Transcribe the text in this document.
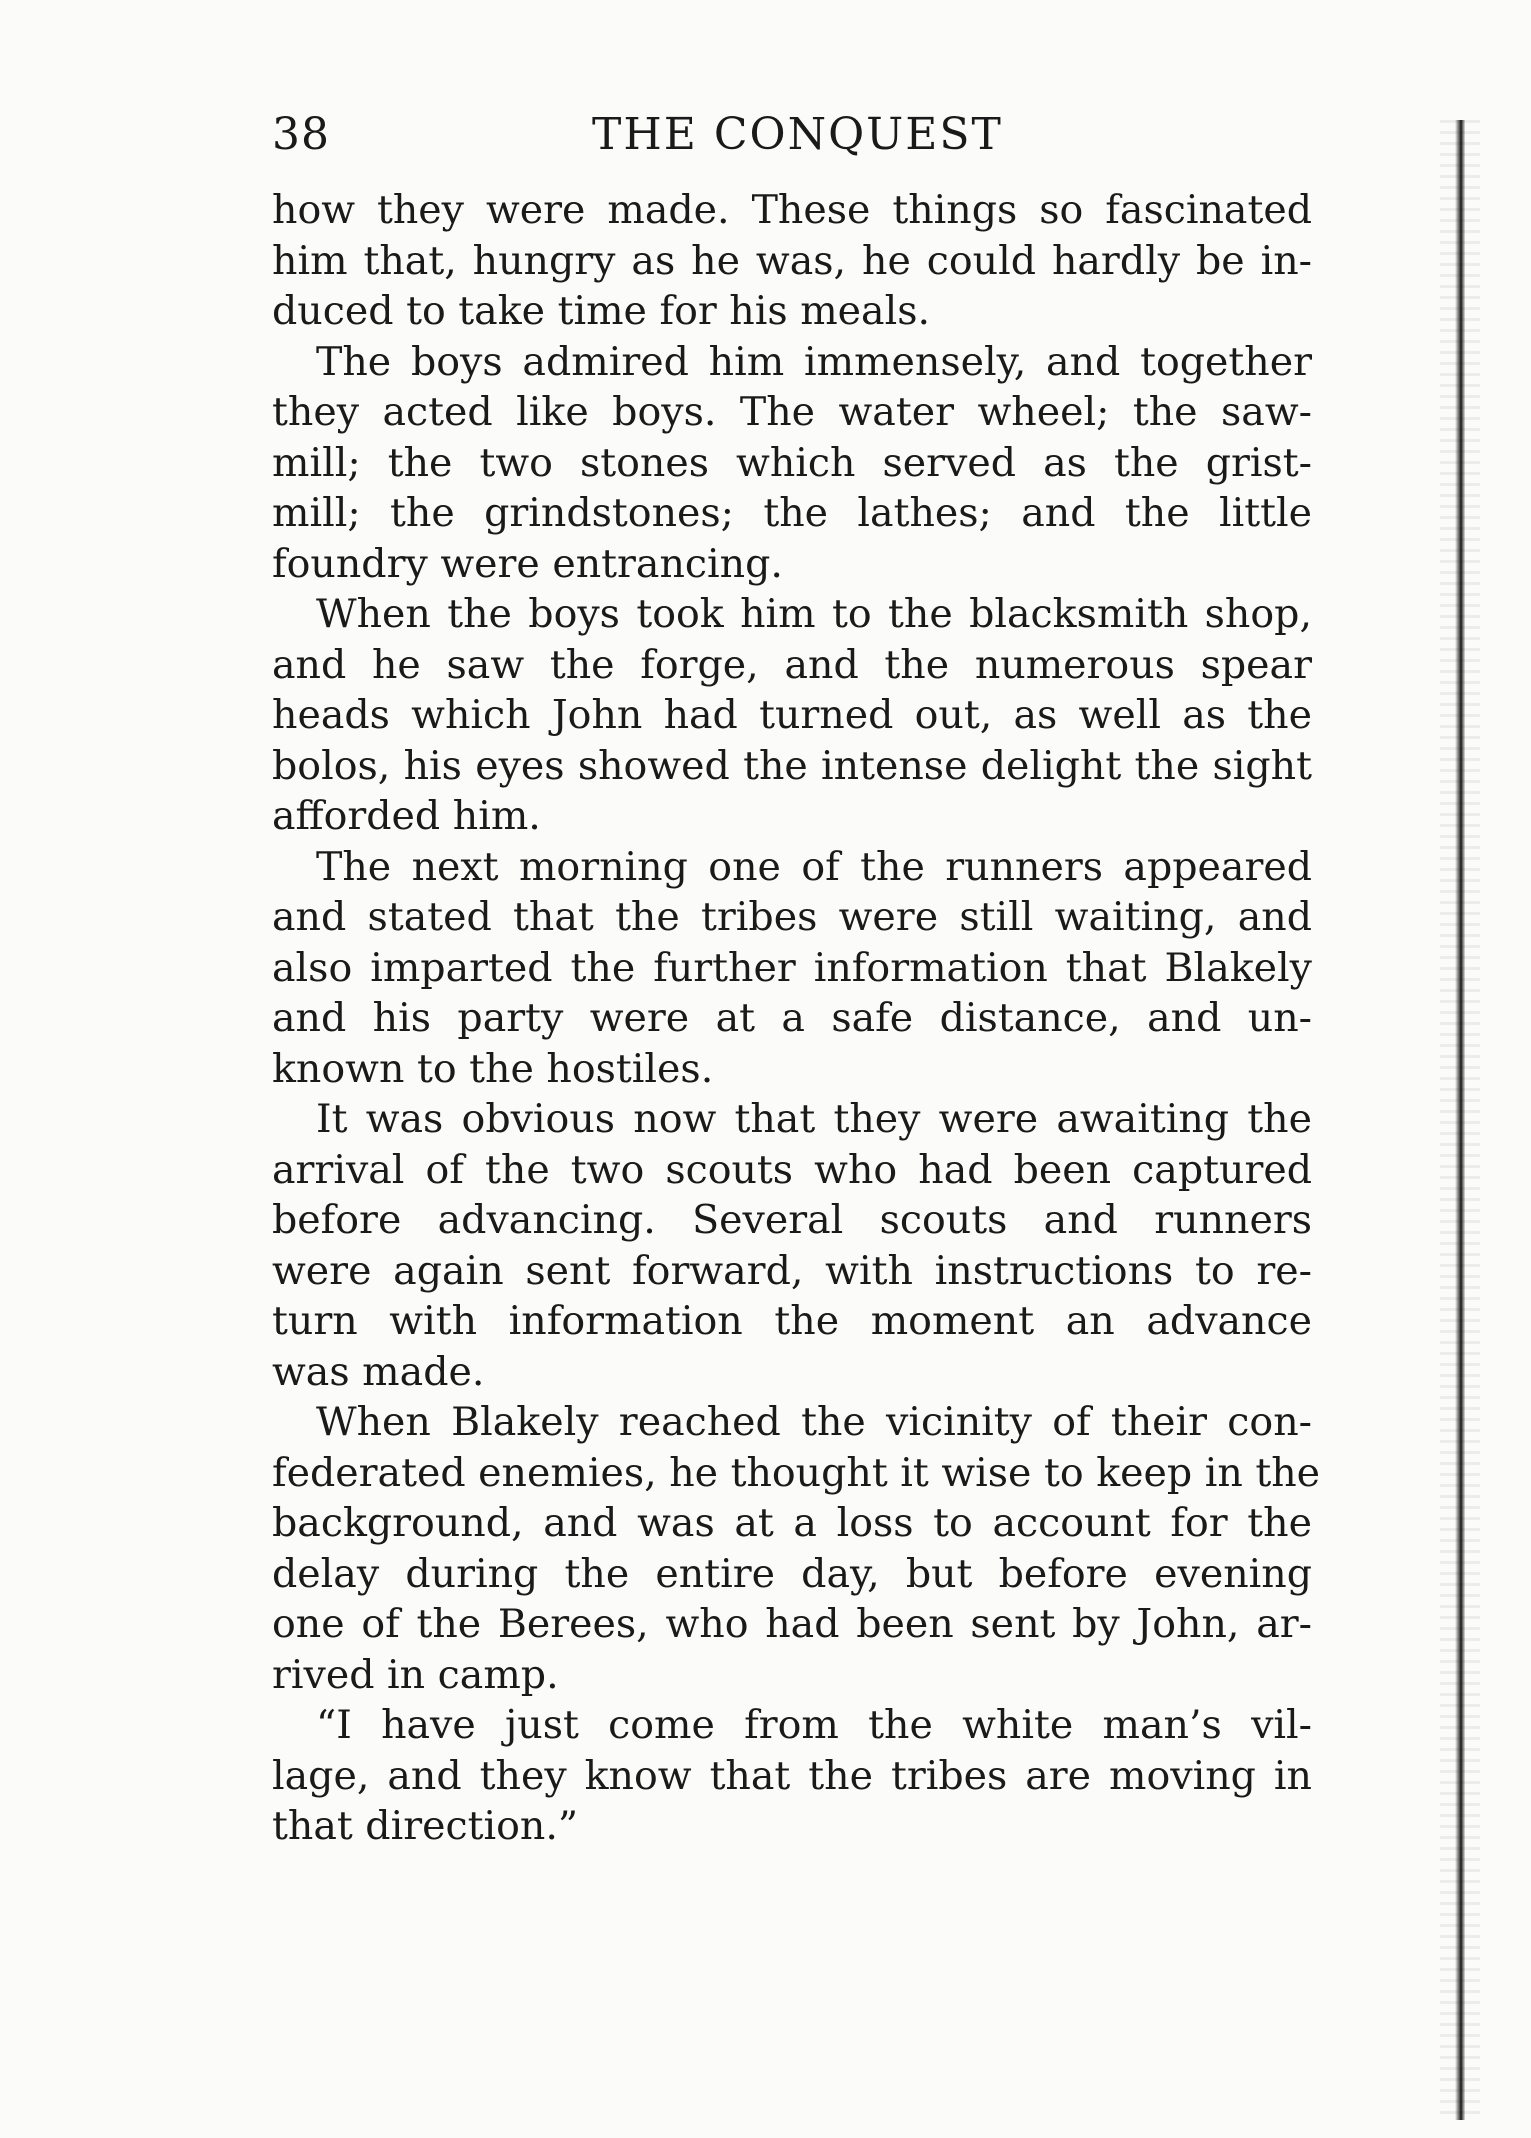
38	THE CONQUEST
how they were made. These things so fascinated
him that, hungry as he was, he could hardly be in-
duced to take time for his meals.
The boys admired him immensely, and together
they acted like boys. The water wheel; the saw-
mill; the two stones which served as the grist-
mill; the grindstones; the lathes; and the little
foundry were entrancing.
When the boys took him to the blacksmith shop,
and he saw the forge, and the numerous spear
heads which John had turned out, as well as the
bolos, his eyes showed the intense delight the sight
afforded him.
The next morning one of the runners appeared
and stated that the tribes were still waiting, and
also imparted the further information that Blakely
and his party were at a safe distance, and un-
known to the hostiles.
It was obvious now that they were awaiting the
arrival of the two scouts who had been captured
before advancing. Several scouts and runners
were again sent forward, with instructions to re-
turn with information the moment an advance
was made.
When Blakely reached the vicinity of their con-
federated enemies, he thought it wise to keep in the
background, and was at a loss to account for the
delay during the entire day, but before evening
one of the Berees, who had been sent by John, ar-
rived in camp.
“I have just come from the white man’s vil-
lage, and they know that the tribes are moving in
that direction.”
